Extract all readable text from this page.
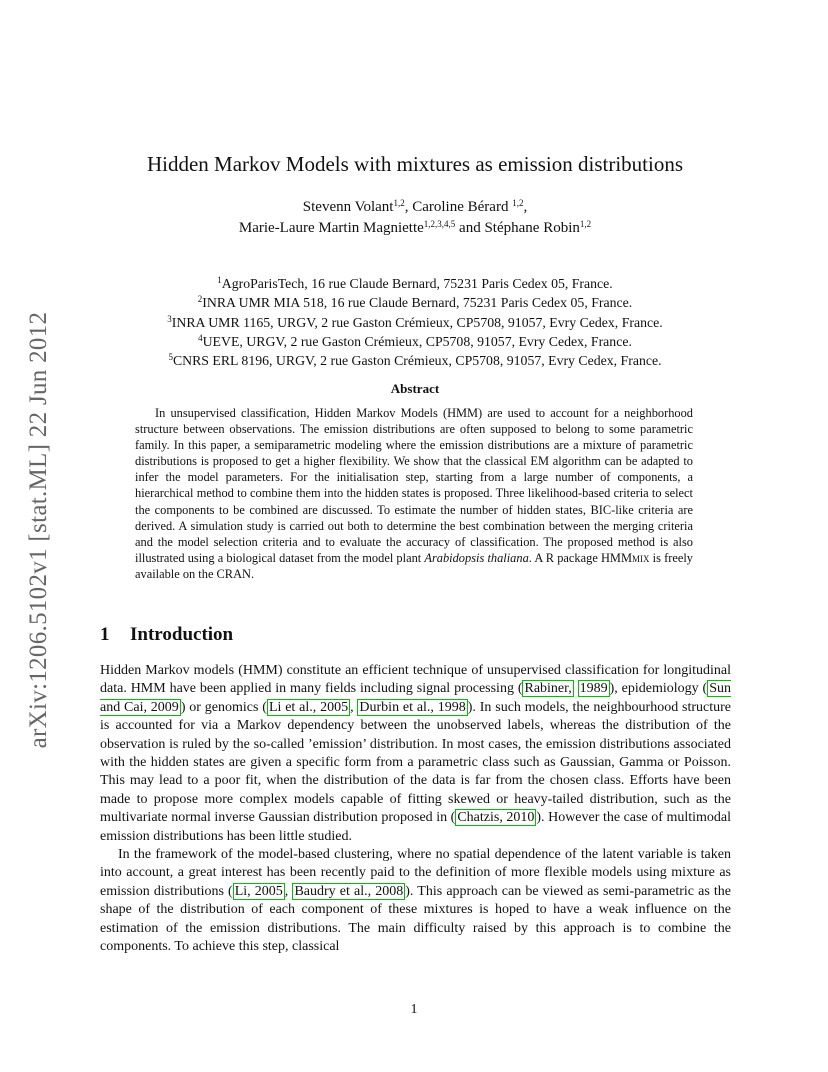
arXiv:1206.5102v1 [stat.ML] 22 Jun 2012
Hidden Markov Models with mixtures as emission distributions
Stevenn Volant$^{1,2}$, Caroline Bérard $^{1,2}$,
Marie-Laure Martin Magniette$^{1,2,3,4,5}$ and Stéphane Robin$^{1,2}$
$^1$AgroParisTech, 16 rue Claude Bernard, 75231 Paris Cedex 05, France.
$^2$INRA UMR MIA 518, 16 rue Claude Bernard, 75231 Paris Cedex 05, France.
$^3$INRA UMR 1165, URGV, 2 rue Gaston Crémieux, CP5708, 91057, Evry Cedex, France.
$^4$UEVE, URGV, 2 rue Gaston Crémieux, CP5708, 91057, Evry Cedex, France.
$^5$CNRS ERL 8196, URGV, 2 rue Gaston Crémieux, CP5708, 91057, Evry Cedex, France.
Abstract
In unsupervised classification, Hidden Markov Models (HMM) are used to account for a neighborhood structure between observations. The emission distributions are often supposed to belong to some parametric family. In this paper, a semiparametric modeling where the emission distributions are a mixture of parametric distributions is proposed to get a higher flexibility. We show that the classical EM algorithm can be adapted to infer the model parameters. For the initialisation step, starting from a large number of components, a hierarchical method to combine them into the hidden states is proposed. Three likelihood-based criteria to select the components to be combined are discussed. To estimate the number of hidden states, BIC-like criteria are derived. A simulation study is carried out both to determine the best combination between the merging criteria and the model selection criteria and to evaluate the accuracy of classification. The proposed method is also illustrated using a biological dataset from the model plant Arabidopsis thaliana. A R package HMMmix is freely available on the CRAN.
1 Introduction

Hidden Markov models (HMM) constitute an efficient technique of unsupervised classification for longitudinal data. HMM have been applied in many fields including signal processing ( Rabiner, 1989 ), epidemiology ( Sun and Cai, 2009 ) or genomics ( Li et al., 2005 , Durbin et al., 1998 ). In such models, the neighbourhood structure is accounted for via a Markov dependency between the unobserved labels, whereas the distribution of the observation is ruled by the so-called ’emission’ distribution. In most cases, the emission distributions associated with the hidden states are given a specific form from a parametric class such as Gaussian, Gamma or Poisson. This may lead to a poor fit, when the distribution of the data is far from the chosen class. Efforts have been made to propose more complex models capable of fitting skewed or heavy-tailed distribution, such as the multivariate normal inverse Gaussian distribution proposed in ( Chatzis, 2010 ). However the case of multimodal emission distributions has been little studied.

In the framework of the model-based clustering, where no spatial dependence of the latent variable is taken into account, a great interest has been recently paid to the definition of more flexible models using mixture as emission distributions ( Li, 2005 , Baudry et al., 2008 ). This approach can be viewed as semi-parametric as the shape of the distribution of each component of these mixtures is hoped to have a weak influence on the estimation of the emission distributions. The main difficulty raised by this approach is to combine the components. To achieve this step, classical

1
